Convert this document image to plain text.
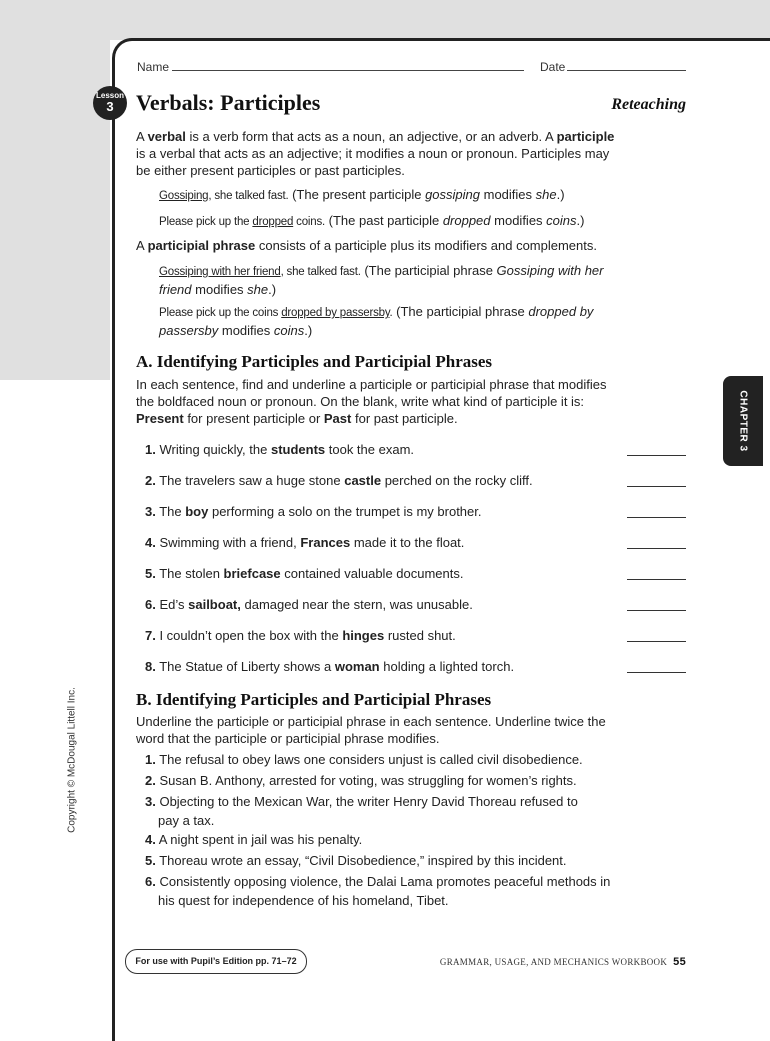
Name	Date
Lesson
3	Verbals: Participles	Reteaching
A verbal is a verb form that acts as a noun, an adjective, or an adverb. A participle is a verbal that acts as an adjective; it modifies a noun or pronoun. Participles may be either present participles or past participles.
Gossiping, she talked fast. (The present participle gossiping modifies she.)
Please pick up the dropped coins. (The past participle dropped modifies coins.)
A participial phrase consists of a participle plus its modifiers and complements.
Gossiping with her friend, she talked fast. (The participial phrase Gossiping with her friend modifies she.)
Please pick up the coins dropped by passersby. (The participial phrase dropped by passersby modifies coins.)
A. Identifying Participles and Participial Phrases
In each sentence, find and underline a participle or participial phrase that modifies the boldfaced noun or pronoun. On the blank, write what kind of participle it is: Present for present participle or Past for past participle.
1. Writing quickly, the students took the exam.
2. The travelers saw a huge stone castle perched on the rocky cliff.
3. The boy performing a solo on the trumpet is my brother.
4. Swimming with a friend, Frances made it to the float.
5. The stolen briefcase contained valuable documents.
6. Ed’s sailboat, damaged near the stern, was unusable.
7. I couldn’t open the box with the hinges rusted shut.
8. The Statue of Liberty shows a woman holding a lighted torch.
B. Identifying Participles and Participial Phrases
Underline the participle or participial phrase in each sentence. Underline twice the word that the participle or participial phrase modifies.
1. The refusal to obey laws one considers unjust is called civil disobedience.
2. Susan B. Anthony, arrested for voting, was struggling for women’s rights.
3. Objecting to the Mexican War, the writer Henry David Thoreau refused to
pay a tax.
4. A night spent in jail was his penalty.
5. Thoreau wrote an essay, “Civil Disobedience,” inspired by this incident.
6. Consistently opposing violence, the Dalai Lama promotes peaceful methods in
his quest for independence of his homeland, Tibet.
CHAPTER 3
Copyright © McDougal Littell Inc.
For use with Pupil’s Edition pp. 71–72	GRAMMAR, USAGE, AND MECHANICS WORKBOOK 55
